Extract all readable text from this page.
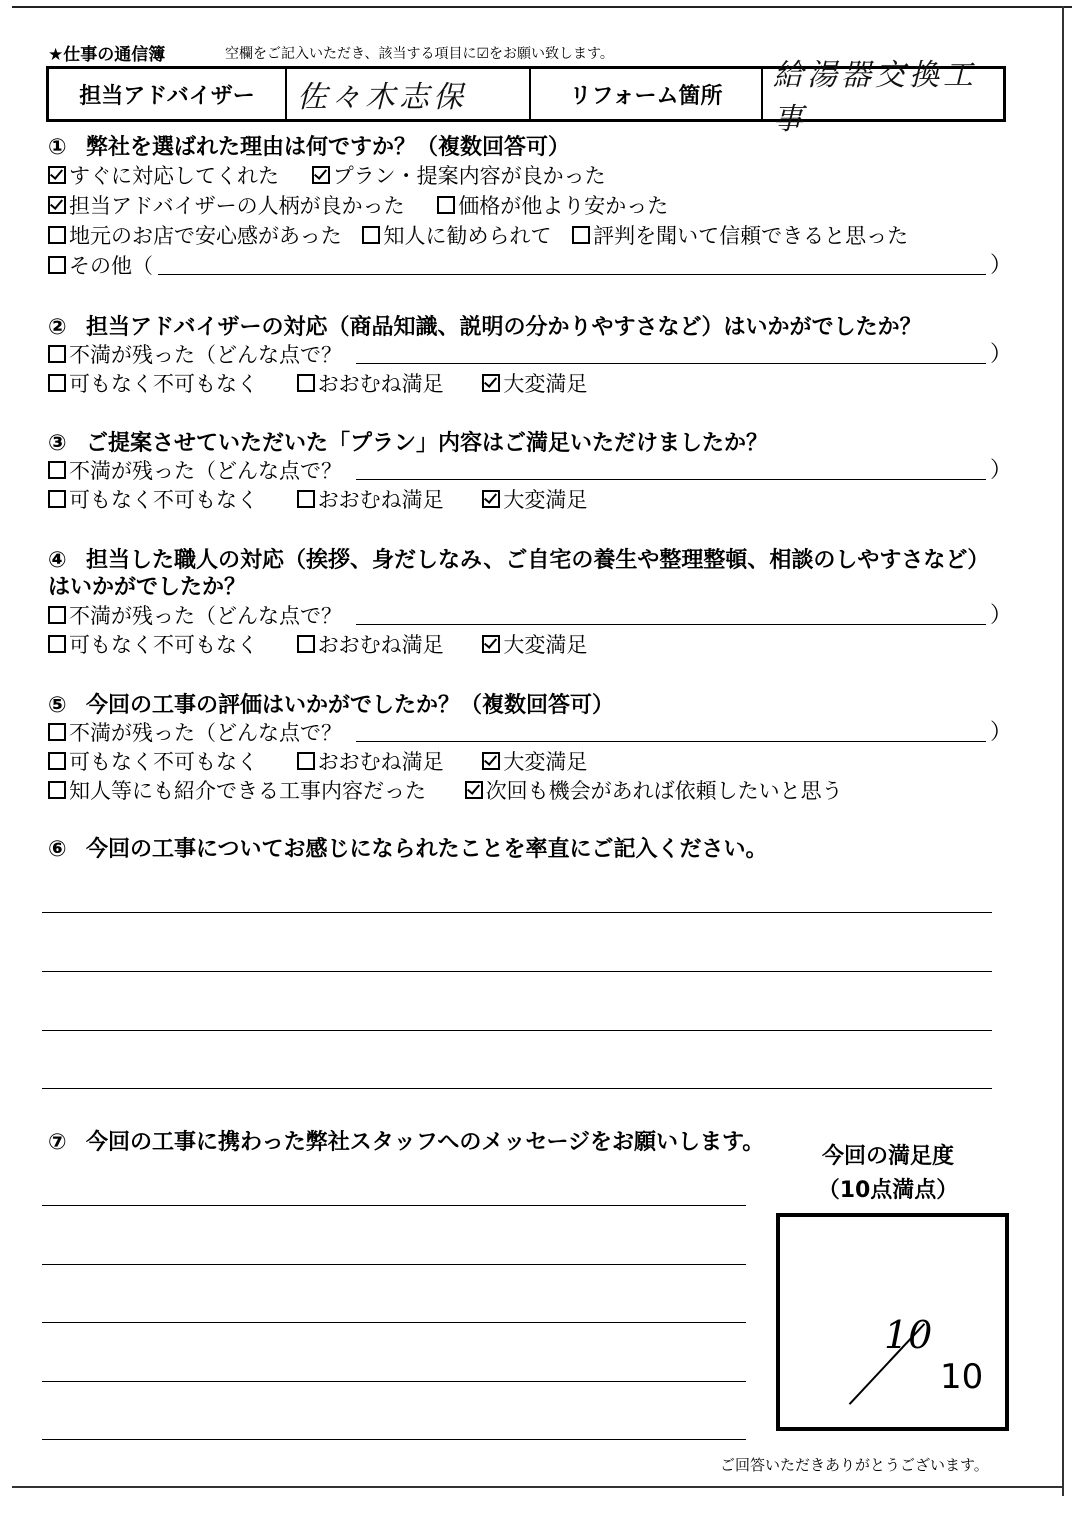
★仕事の通信簿	空欄をご記入いただき、該当する項目に☑をお願い致します。
担当アドバイザー	佐々木志保	リフォーム箇所
給湯器交換工事
① 弊社を選ばれた理由は何ですか？（複数回答可）
すぐに対応してくれた	プラン・提案内容が良かった
担当アドバイザーの人柄が良かった	価格が他より安かった
地元のお店で安心感があった 知人に勧められて 評判を聞いて信頼できると思った
その他（	）
② 担当アドバイザーの対応（商品知識、説明の分かりやすさなど）はいかがでしたか？
不満が残った（どんな点で？	）
可もなく不可もなく	おおむね満足	大変満足
③ ご提案させていただいた「プラン」内容はご満足いただけましたか？
不満が残った（どんな点で？	）
可もなく不可もなく	おおむね満足	大変満足
④ 担当した職人の対応（挨拶、身だしなみ、ご自宅の養生や整理整頓、相談のしやすさなど）
はいかがでしたか？
不満が残った（どんな点で？	）
可もなく不可もなく	おおむね満足	大変満足
⑤ 今回の工事の評価はいかがでしたか？（複数回答可）
不満が残った（どんな点で？	）
可もなく不可もなく	おおむね満足	大変満足
知人等にも紹介できる工事内容だった	次回も機会があれば依頼したいと思う
⑥ 今回の工事についてお感じになられたことを率直にご記入ください。
⑦ 今回の工事に携わった弊社スタッフへのメッセージをお願いします。
今回の満足度
（10点満点）
10
10
ご回答いただきありがとうございます。
